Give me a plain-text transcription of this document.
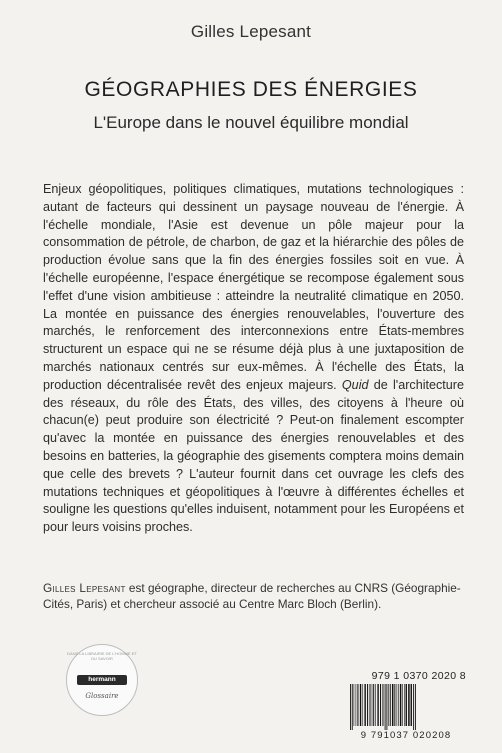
Gilles Lepesant
GÉOGRAPHIES DES ÉNERGIES
L'Europe dans le nouvel équilibre mondial

Enjeux géopolitiques, politiques climatiques, mutations technologiques : autant de facteurs qui dessinent un paysage nouveau de l'énergie. À l'échelle mondiale, l'Asie est devenue un pôle majeur pour la consommation de pétrole, de charbon, de gaz et la hiérarchie des pôles de production évolue sans que la fin des énergies fossiles soit en vue. À l'échelle européenne, l'espace énergétique se recompose également sous l'effet d'une vision ambitieuse : atteindre la neutralité climatique en 2050. La montée en puissance des énergies renouvelables, l'ouverture des marchés, le renforcement des interconnexions entre États-membres structurent un espace qui ne se résume déjà plus à une juxtaposition de marchés nationaux centrés sur eux-mêmes. À l'échelle des États, la production décentralisée revêt des enjeux majeurs. Quid de l'architecture des réseaux, du rôle des États, des villes, des citoyens à l'heure où chacun(e) peut produire son électricité ? Peut-on finalement escompter qu'avec la montée en puissance des énergies renouvelables et des besoins en batteries, la géographie des gisements comptera moins demain que celle des brevets ? L'auteur fournit dans cet ouvrage les clefs des mutations techniques et géopolitiques à l'œuvre à différentes échelles et souligne les questions qu'elles induisent, notamment pour les Européens et pour leurs voisins proches.

Gilles Lepesant est géographe, directeur de recherches au CNRS (Géographie-Cités, Paris) et chercheur associé au Centre Marc Bloch (Berlin).
DANS LA LIBRAIRIE DE L'HOMME ET DU SAVOIR
hermann
Glossaire
979 1 0370 2020 8
9 791037 020208
